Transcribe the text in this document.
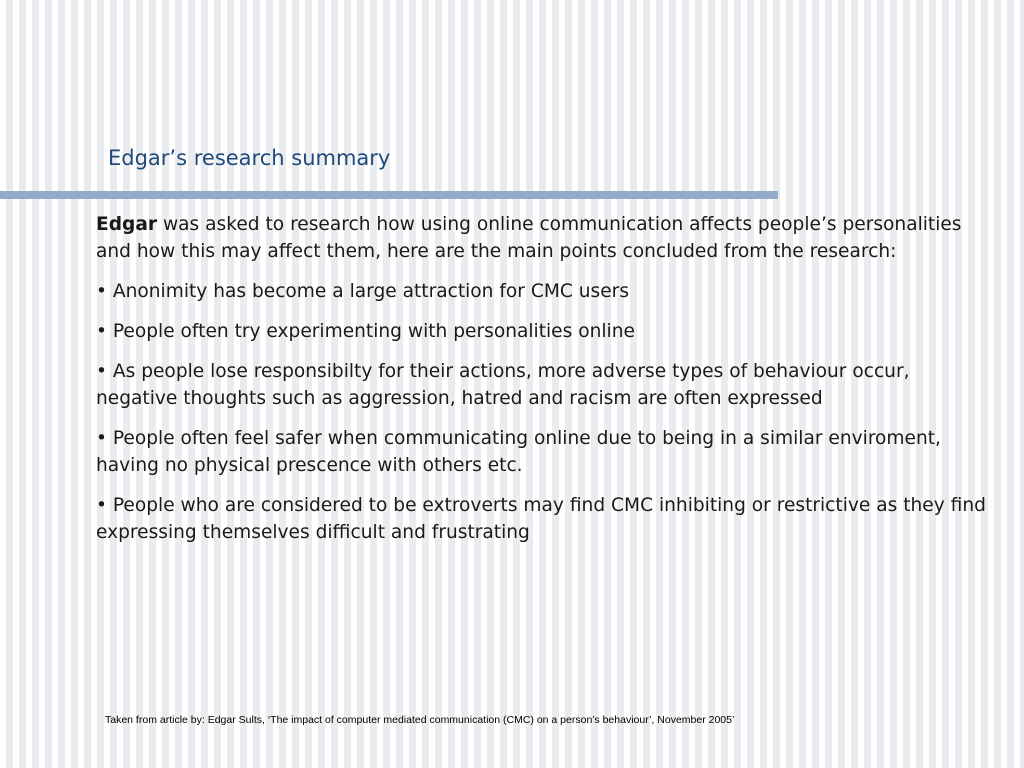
Edgar’s research summary

Edgar was asked to research how using online communication affects people’s personalities and how this may affect them, here are the main points concluded from the research:

• Anonimity has become a large attraction for CMC users

• People often try experimenting with personalities online

• As people lose responsibilty for their actions, more adverse types of behaviour occur, negative thoughts such as aggression, hatred and racism are often expressed

• People often feel safer when communicating online due to being in a similar enviroment, having no physical prescence with others etc.

• People who are considered to be extroverts may find CMC inhibiting or restrictive as they find expressing themselves difficult and frustrating

Taken from article by: Edgar Sults, ‘The impact of computer mediated communication (CMC) on a person’s behaviour’, November 2005’
